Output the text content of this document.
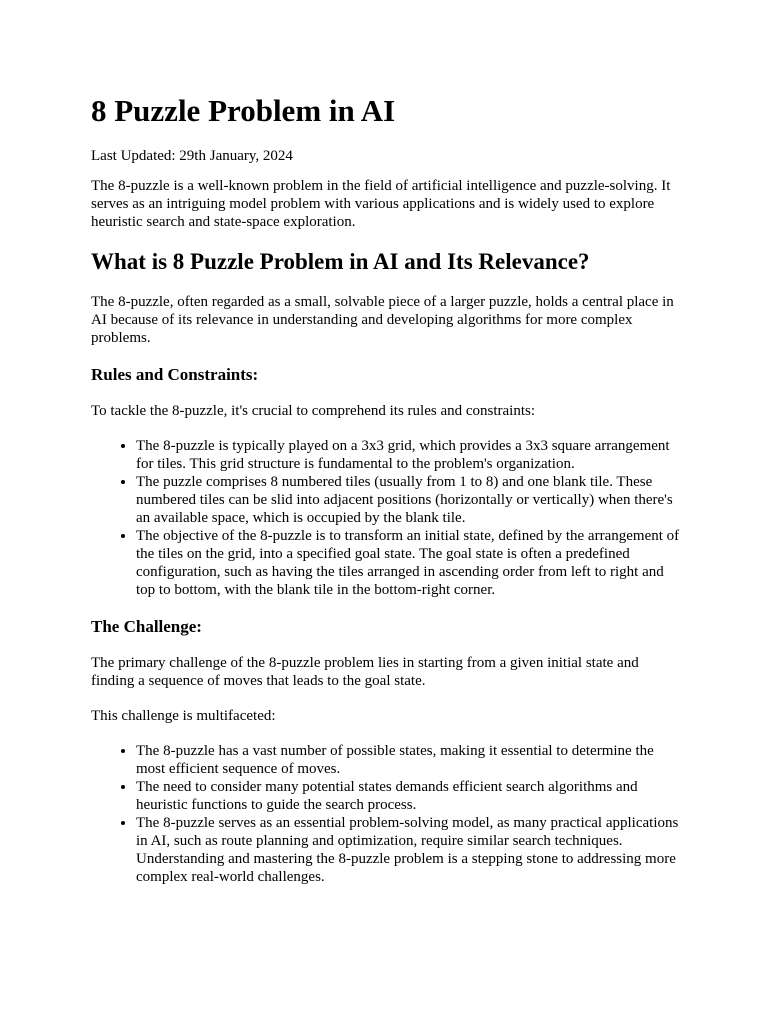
8 Puzzle Problem in AI

Last Updated: 29th January, 2024

The 8-puzzle is a well-known problem in the field of artificial intelligence and puzzle-solving. It serves as an intriguing model problem with various applications and is widely used to explore heuristic search and state-space exploration.

What is 8 Puzzle Problem in AI and Its Relevance?

The 8-puzzle, often regarded as a small, solvable piece of a larger puzzle, holds a central place in AI because of its relevance in understanding and developing algorithms for more complex problems.

Rules and Constraints:

To tackle the 8-puzzle, it's crucial to comprehend its rules and constraints:

• The 8-puzzle is typically played on a 3x3 grid, which provides a 3x3 square arrangement for tiles. This grid structure is fundamental to the problem's organization.
• The puzzle comprises 8 numbered tiles (usually from 1 to 8) and one blank tile. These numbered tiles can be slid into adjacent positions (horizontally or vertically) when there's an available space, which is occupied by the blank tile.
• The objective of the 8-puzzle is to transform an initial state, defined by the arrangement of the tiles on the grid, into a specified goal state. The goal state is often a predefined configuration, such as having the tiles arranged in ascending order from left to right and top to bottom, with the blank tile in the bottom-right corner.
The Challenge:

The primary challenge of the 8-puzzle problem lies in starting from a given initial state and finding a sequence of moves that leads to the goal state.

This challenge is multifaceted:

• The 8-puzzle has a vast number of possible states, making it essential to determine the most efficient sequence of moves.
• The need to consider many potential states demands efficient search algorithms and heuristic functions to guide the search process.
• The 8-puzzle serves as an essential problem-solving model, as many practical applications in AI, such as route planning and optimization, require similar search techniques. Understanding and mastering the 8-puzzle problem is a stepping stone to addressing more complex real-world challenges.
